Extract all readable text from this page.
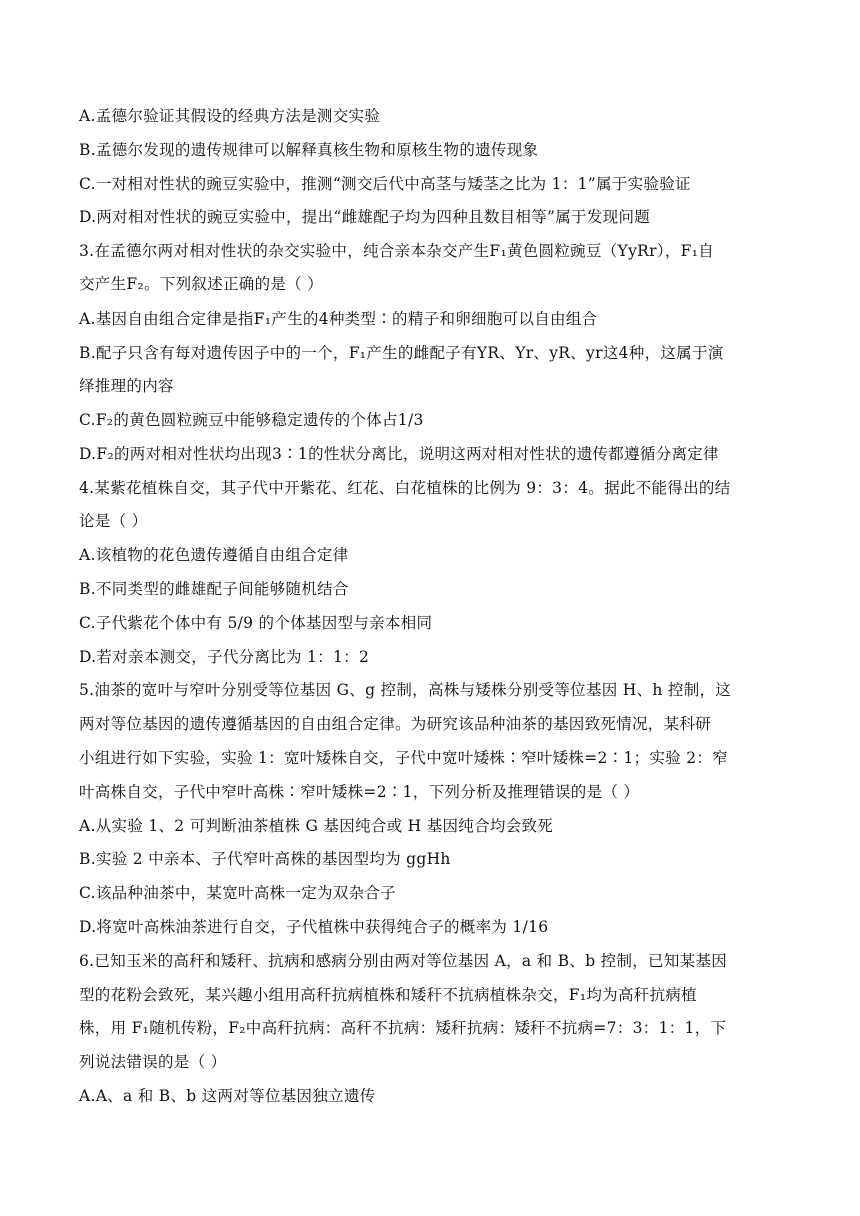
A.孟德尔验证其假设的经典方法是测交实验
B.孟德尔发现的遗传规律可以解释真核生物和原核生物的遗传现象
C.一对相对性状的豌豆实验中，推测“测交后代中高茎与矮茎之比为 1：1”属于实验验证
D.两对相对性状的豌豆实验中，提出“雌雄配子均为四种且数目相等”属于发现问题
3.在孟德尔两对相对性状的杂交实验中，纯合亲本杂交产生F₁黄色圆粒豌豆（YyRr），F₁自
交产生F₂。下列叙述正确的是（ ）
A.基因自由组合定律是指F₁产生的4种类型∶的精子和卵细胞可以自由组合
B.配子只含有每对遗传因子中的一个，F₁产生的雌配子有YR、Yr、yR、yr这4种，这属于演
绎推理的内容
C.F₂的黄色圆粒豌豆中能够稳定遗传的个体占1/3
D.F₂的两对相对性状均出现3∶1的性状分离比，说明这两对相对性状的遗传都遵循分离定律
4.某紫花植株自交，其子代中开紫花、红花、白花植株的比例为 9：3：4。据此不能得出的结
论是（ ）
A.该植物的花色遗传遵循自由组合定律
B.不同类型的雌雄配子间能够随机结合
C.子代紫花个体中有 5/9 的个体基因型与亲本相同
D.若对亲本测交，子代分离比为 1：1：2
5.油茶的宽叶与窄叶分别受等位基因 G、g 控制，高株与矮株分别受等位基因 H、h 控制，这
两对等位基因的遗传遵循基因的自由组合定律。为研究该品种油茶的基因致死情况，某科研
小组进行如下实验，实验 1：宽叶矮株自交，子代中宽叶矮株∶窄叶矮株=2∶1；实验 2：窄
叶高株自交，子代中窄叶高株∶窄叶矮株=2∶1，下列分析及推理错误的是（ ）
A.从实验 1、2 可判断油茶植株 G 基因纯合或 H 基因纯合均会致死
B.实验 2 中亲本、子代窄叶高株的基因型均为 ggHh
C.该品种油茶中，某宽叶高株一定为双杂合子
D.将宽叶高株油茶进行自交，子代植株中获得纯合子的概率为 1/16
6.已知玉米的高秆和矮秆、抗病和感病分别由两对等位基因 A，a 和 B、b 控制，已知某基因
型的花粉会致死，某兴趣小组用高秆抗病植株和矮秆不抗病植株杂交，F₁均为高秆抗病植
株，用 F₁随机传粉，F₂中高秆抗病：高秆不抗病：矮秆抗病：矮秆不抗病=7：3：1：1，下
列说法错误的是（ ）
A.A、a 和 B、b 这两对等位基因独立遗传
